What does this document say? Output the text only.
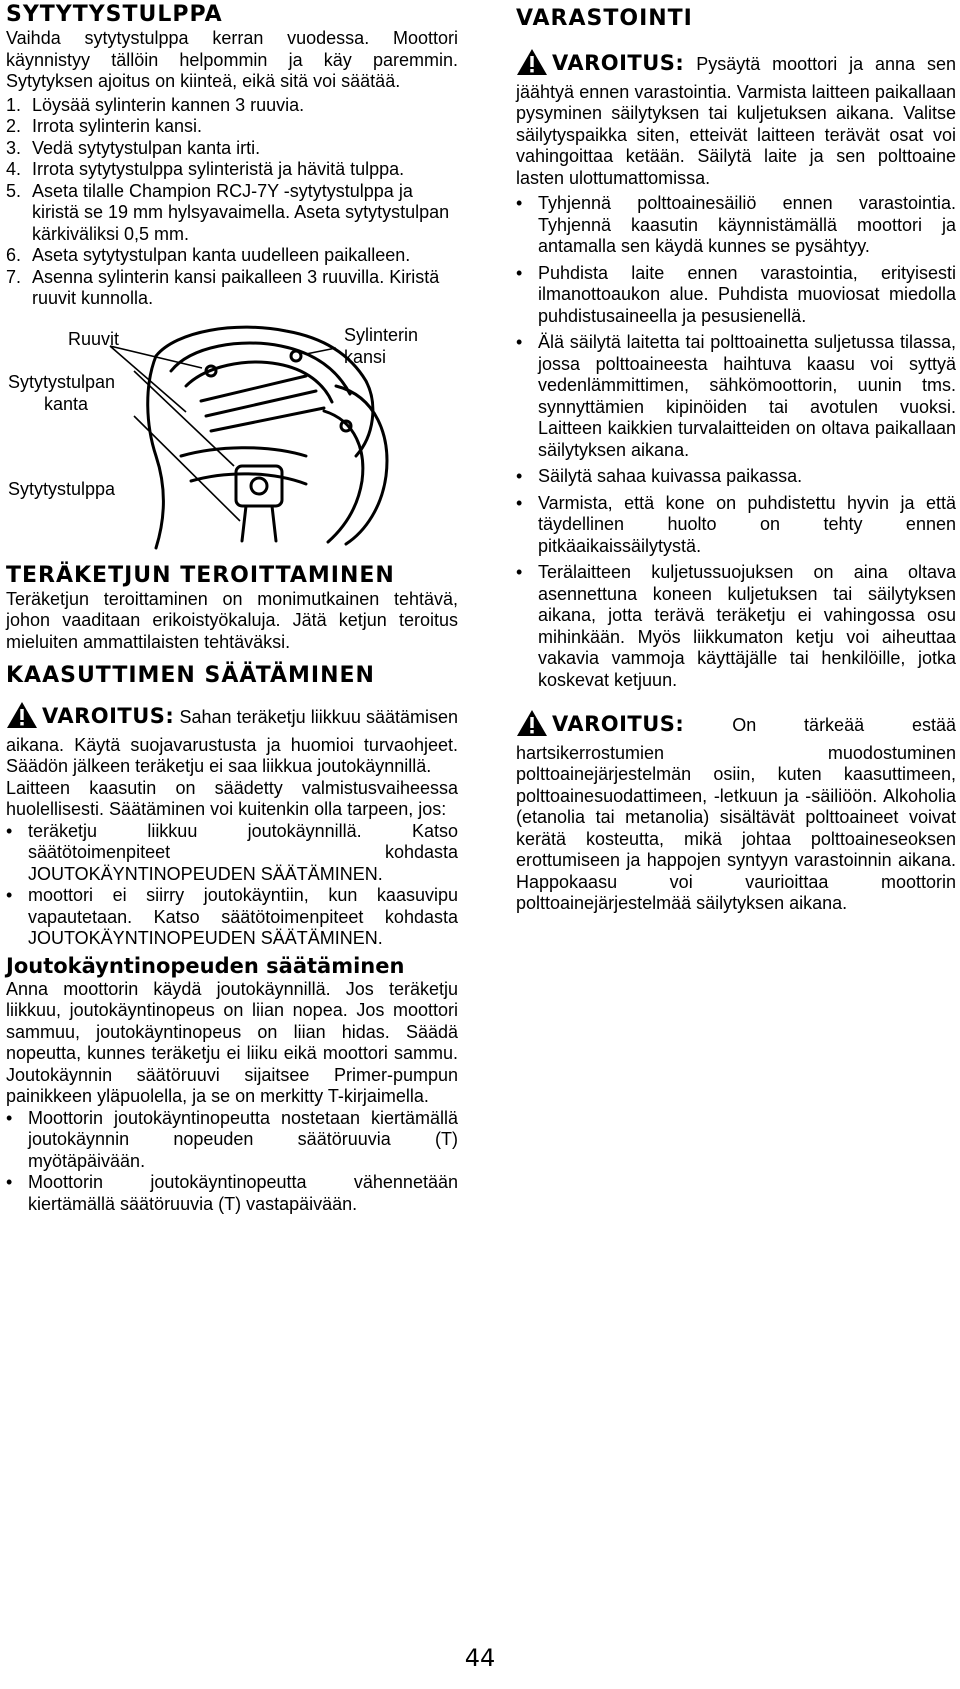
SYTYTYSTULPPA

Vaihda sytytystulppa kerran vuodessa. Moottori käynnistyy tällöin helpommin ja käy paremmin. Sytytyksen ajoitus on kiinteä, eikä sitä voi säätää.

1. Löysää sylinterin kannen 3 ruuvia.
2. Irrota sylinterin kansi.
3. Vedä sytytystulpan kanta irti.
4. Irrota sytytystulppa sylinteristä ja hävitä tulppa.
5. Aseta tilalle Champion RCJ-7Y -sytytystulppa ja kiristä se 19 mm hylsyavaimella. Aseta sytytystulpan kärkiväliksi 0,5 mm.
6. Aseta sytytystulpan kanta uudelleen paikalleen.
7. Asenna sylinterin kansi paikalleen 3 ruuvilla. Kiristä ruuvit kunnolla.
Ruuvit
Sytytystulpan
kanta
Sytytystulppa
Sylinterin
kansi
TERÄKETJUN TEROITTAMINEN

Teräketjun teroittaminen on monimutkainen tehtävä, johon vaaditaan erikoistyökaluja. Jätä ketjun teroitus mieluiten ammattilaisten tehtäväksi.

KAASUTTIMEN SÄÄTÄMINEN

VAROITUS: Sahan teräketju liikkuu säätämisen aikana. Käytä suojavarustusta ja huomioi turvaohjeet. Säädön jälkeen teräketju ei saa liikkua joutokäynnillä.

Laitteen kaasutin on säädetty valmistusvaiheessa huolellisesti. Säätäminen voi kuitenkin olla tarpeen, jos:

• teräketju liikkuu joutokäynnillä. Katso säätötoimenpiteet kohdasta JOUTOKÄYNTINOPEUDEN SÄÄTÄMINEN.
• moottori ei siirry joutokäyntiin, kun kaasuvipu vapautetaan. Katso säätötoimenpiteet kohdasta JOUTOKÄYNTINOPEUDEN SÄÄTÄMINEN.
Joutokäyntinopeuden säätäminen

Anna moottorin käydä joutokäynnillä. Jos teräketju liikkuu, joutokäyntinopeus on liian nopea. Jos moottori sammuu, joutokäyntinopeus on liian hidas. Säädä nopeutta, kunnes teräketju ei liiku eikä moottori sammu. Joutokäynnin säätöruuvi sijaitsee Primer-pumpun painikkeen yläpuolella, ja se on merkitty T-kirjaimella.

• Moottorin joutokäyntinopeutta nostetaan kiertämällä joutokäynnin nopeuden säätöruuvia (T) myötäpäivään.
• Moottorin joutokäyntinopeutta vähennetään kiertämällä säätöruuvia (T) vastapäivään.
VARASTOINTI

VAROITUS: Pysäytä moottori ja anna sen jäähtyä ennen varastointia. Varmista laitteen paikallaan pysyminen säilytyksen tai kuljetuksen aikana. Valitse säilytyspaikka siten, etteivät laitteen terävät osat voi vahingoittaa ketään. Säilytä laite ja sen polttoaine lasten ulottumattomissa.

• Tyhjennä polttoainesäiliö ennen varastointia. Tyhjennä kaasutin käynnistämällä moottori ja antamalla sen käydä kunnes se pysähtyy.
• Puhdista laite ennen varastointia, erityisesti ilmanottoaukon alue. Puhdista muoviosat miedolla puhdistusaineella ja pesusienellä.
• Älä säilytä laitetta tai polttoainetta suljetussa tilassa, jossa polttoaineesta haihtuva kaasu voi syttyä vedenlämmittimen, sähkömoottorin, uunin tms. synnyttämien kipinöiden tai avotulen vuoksi. Laitteen kaikkien turvalaitteiden on oltava paikallaan säilytyksen aikana.
• Säilytä sahaa kuivassa paikassa.
• Varmista, että kone on puhdistettu hyvin ja että täydellinen huolto on tehty ennen pitkäaikaissäilytystä.
• Terälaitteen kuljetussuojuksen on aina oltava asennettuna koneen kuljetuksen tai säilytyksen aikana, jotta terävä teräketju ei vahingossa osu mihinkään. Myös liikkumaton ketju voi aiheuttaa vakavia vammoja käyttäjälle tai henkilöille, jotka koskevat ketjuun.

VAROITUS:	On tärkeää estää hartsikerrostumien muodostuminen polttoainejärjestelmän osiin, kuten kaasuttimeen, polttoainesuodattimeen, -letkuun ja -säiliöön. Alkoholia (etanolia tai metanolia) sisältävät polttoaineet voivat kerätä kosteutta, mikä johtaa polttoaineseoksen erottumiseen ja happojen syntyyn varastoinnin aikana. Happokaasu voi vaurioittaa moottorin polttoainejärjestelmää säilytyksen aikana.

44
